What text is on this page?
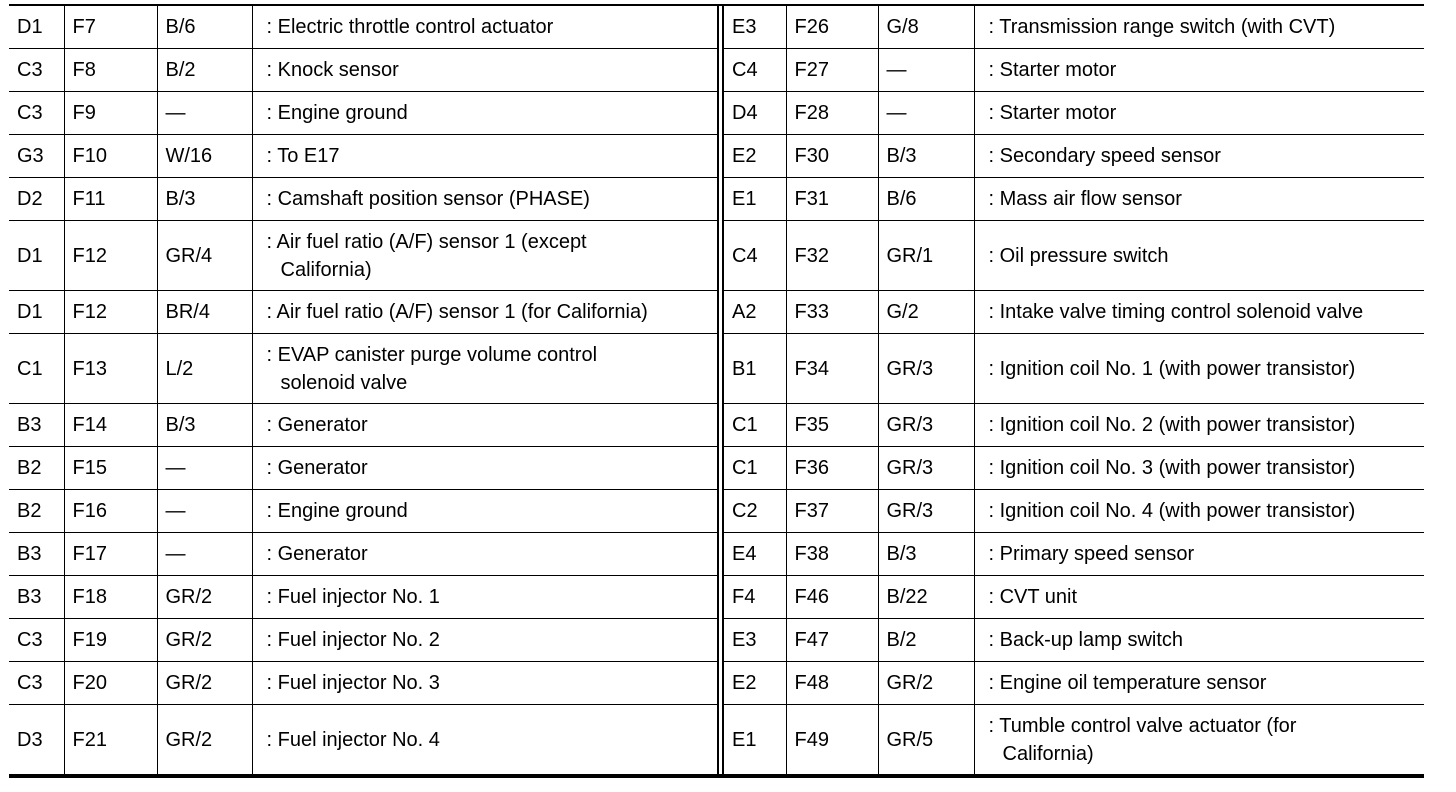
D1	F7	B/6	: Electric throttle control actuator

C3	F8	B/2	: Knock sensor

C3	F9	—	: Engine ground

G3	F10	W/16	: To E17

D2	F11	B/3	: Camshaft position sensor (PHASE)

D1	F12	GR/4	: Air fuel ratio (A/F) sensor 1 (except
California)

D1	F12	BR/4	: Air fuel ratio (A/F) sensor 1 (for California)

C1	F13	L/2	: EVAP canister purge volume control
solenoid valve

B3	F14	B/3	: Generator

B2	F15	—	: Generator

B2	F16	—	: Engine ground

B3	F17	—	: Generator

B3	F18	GR/2	: Fuel injector No. 1

C3	F19	GR/2	: Fuel injector No. 2

C3	F20	GR/2	: Fuel injector No. 3

D3	F21	GR/2	: Fuel injector No. 4
E3	F26	G/8	: Transmission range switch (with CVT)

C4	F27	—	: Starter motor

D4	F28	—	: Starter motor

E2	F30	B/3	: Secondary speed sensor

E1	F31	B/6	: Mass air flow sensor

C4	F32	GR/1	: Oil pressure switch

A2	F33	G/2	: Intake valve timing control solenoid valve

B1	F34	GR/3	: Ignition coil No. 1 (with power transistor)

C1	F35	GR/3	: Ignition coil No. 2 (with power transistor)

C1	F36	GR/3	: Ignition coil No. 3 (with power transistor)

C2	F37	GR/3	: Ignition coil No. 4 (with power transistor)

E4	F38	B/3	: Primary speed sensor

F4	F46	B/22	: CVT unit

E3	F47	B/2	: Back-up lamp switch

E2	F48	GR/2	: Engine oil temperature sensor

E1	F49	GR/5	: Tumble control valve actuator (for
California)
